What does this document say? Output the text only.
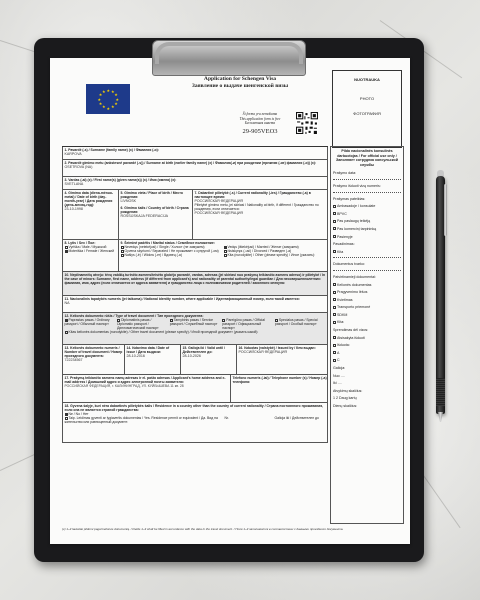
Application for Schengen Visa
Заявление о выдаче шенгенской визы
★
★
★
★
★
★
★
★
★ ★ ★
★
Ši forma yra nemokama
This application form is free
Бесплатная анкета
29-905VEO3
NUOTRAUKA
PHOTO
ФОТОГРАФИЯ
1. Pavardė (-s) / Surname (family name) (x) / Фамилия (-и):
KARPOVA
2. Pavardė gimimo metu (ankstesnė pavardė (-s)) / Surname at birth (earlier family name) (x) / Фамилия(-и) при рождении (прежняя (-ие) фамилия (-и)) (x):
OSETROVA (NA)
3. Vardas (-ai) (x) / First name(s) (given name(s)) (x) / Имя (имена) (x):
SVETLANA
4. Gimimo data (diena-mėnuo-metai) / Date of birth (day-month-year) / Дата рождения (день-месяц-год):
23-10-1998
5. Gimimo vieta / Place of birth / Место рождения:
LIVNOSK
6. Gimimo šalis / Country of birth / Страна рождения:
ROSSIJSKAJA FEDERACIJA
7. Dabartinė pilietybė (-s) / Current nationality (-ies) / Гражданство (-а) в настоящее время:
РОССИЙСКАЯ ФЕДЕРАЦИЯ
Pilietybė gimimo metu, jei skiriasi / Nationality at birth, if different / Гражданство по рождению, если отличается:
РОССИЙСКАЯ ФЕДЕРАЦИЯ
8. Lytis / Sex / Пол:
Vyriška / Male / Мужской
Moteriška / Female / Женский
9. Šeiminė padėtis / Marital status / Семейное положение:
Nevedęs (netekėjusi) / Single / Холост (не замужем)
Gyvena skyriumi / Separated / Не проживает с супругой (-ом)
Našlys (-ė) / Widow (-er) / Вдовец (-а)
Vedęs (ištekėjusi) / Married / Женат (замужем)
Išsiskyręs (-usi) / Divorced / Разведен (-а)
Kita (nurodykite) / Other (please specify) / Иное (указать):
10. Nepilnamečių atveju: tėvų valdžią turinčio asmens/teisėto globėjo pavardė, vardas, adresas (jei skiriasi nuo prašymą teikiančio asmens adreso) ir pilietybė / In the case of minors: Surname, first name, address (if different from applicant's) and nationality of parental authority/legal guardian / Для несовершеннолетних: фамилия, имя, адрес (если отличается от адреса заявителя) и гражданство лица с полномочиями родителей / законного опекуна:
11. Nacionalinis tapatybės numeris (jei taikoma) / National identity number, where applicable / Идентификационный номер, если такой имеется:
NA
12. Kelionės dokumento rūšis / Type of travel document / Тип проездного документа:
Paprastas pasas / Ordinary passport / Обычный паспорт
Diplomatinis pasas / Diplomatic passport / Дипломатический паспорт
Tarnybinis pasas / Service passport / Служебный паспорт
Pareigūno pasas / Official passport / Официальный паспорт
Specialus pasas / Special passport / Особый паспорт
Kitas kelionės dokumentas (nurodykite) / Other travel document (please specify) / Иной проездной документ (указать какой):
13. Kelionės dokumento numeris / Number of travel document / Номер проездного документа:
722234567
14. Išdavimo data / Date of issue / Дата выдачи:
28-10-2016
15. Galioja iki / Valid until / Действителен до:
28-10-2026
16. Išduotas (valstybė) / Issued by / Кем выдан:
РОССИЙСКАЯ ФЕДЕРАЦИЯ
17. Prašymą teikiančio asmens namų adresas ir el. pašto adresas / Applicant's home address and e-mail address / Домашний адрес и адрес электронной почты заявителя:
РОССИЙСКАЯ ФЕДЕРАЦИЯ, г. КАЛИНИНГРАД, УЛ. КУЙБЫШЕВА 11 кв. 28
Telefono numeris (-iai) / Telephone number (s) / Номер (-а) телефона:
18. Gyvena šalyje, kuri nėra dabartinės pilietybės šalis / Residence in a country other than the country of current nationality / Страна постоянного проживания, если она не является страной гражданства:
Ne / No / Нет
Taip. Leidimas gyventi ar lygiavertis dokumentas / Yes. Residence permit or equivalent / Да. Вид на жительство или равноценный документ:
Nr.	Galioja iki / Действителен до
Pildo nacionalinės konsulinės darbuotojas / For official use only / Заполняет сотрудник консульской службы
Prašymo data:
Prašymo išduoti vizą numeris:
Prašymas pateiktas:
Ambasadoje / konsulate
BPVC
Pas paslaugų teikėją
Pas komercinį tarpininką
Pasienyje
Pavadinimas:
Kita
Dokumentus tvarko:
Patvirtinamieji dokumentai:
Kelionės dokumentas
Pragyvenimo lėšos
Kvietimas
Transporto priemonė
SDKM
Kita:
Sprendimas dėl vizos:
Atsisakyta išduoti
Išduota:
A
C
Galioja:
Nuo ....
Iki ....
Atvykimų skaičius:
1 2 Daug kartų
Dienų skaičius:
(x) 1–3 laukeliai pildomi pagal kelionės dokumentą. / Fields 1–3 shall be filled in accordance with the data in the travel document. / Поля 1–3 заполняются в соответствии с данными проездного документа.
